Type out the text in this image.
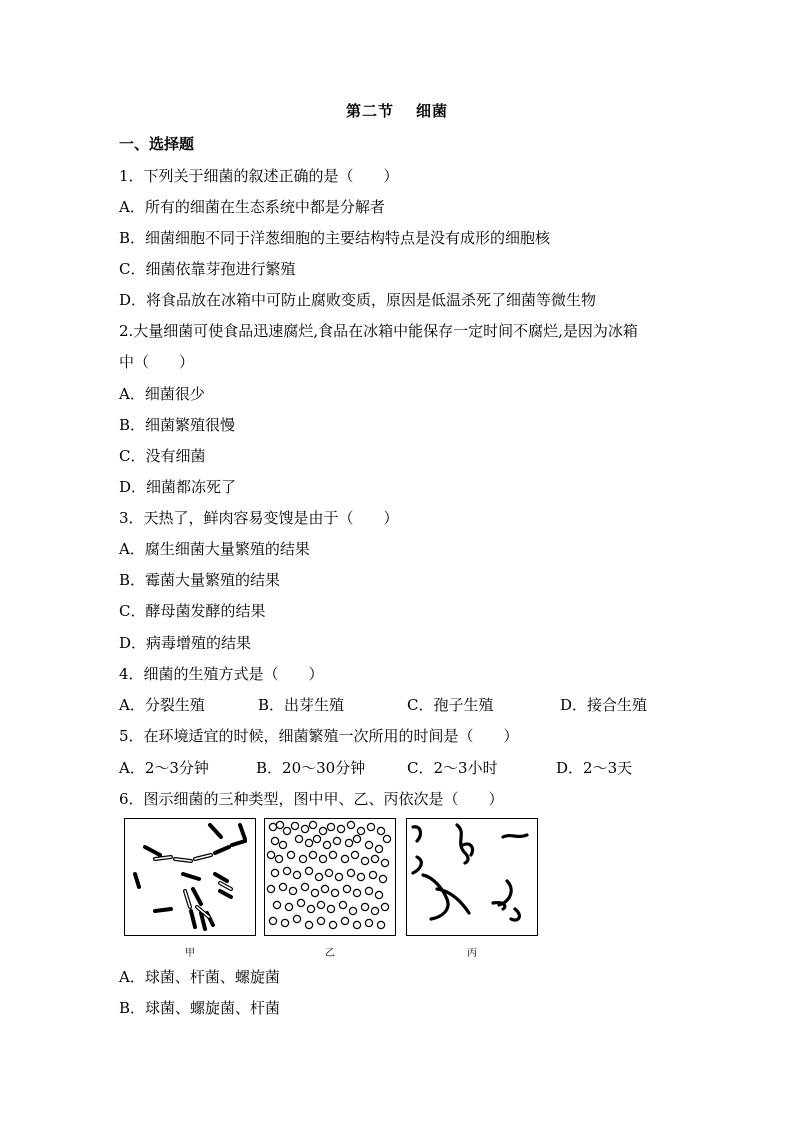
第二节 细菌
一、选择题
1．下列关于细菌的叙述正确的是（　　）
A．所有的细菌在生态系统中都是分解者
B．细菌细胞不同于洋葱细胞的主要结构特点是没有成形的细胞核
C．细菌依靠芽孢进行繁殖
D．将食品放在冰箱中可防止腐败变质，原因是低温杀死了细菌等微生物
2.大量细菌可使食品迅速腐烂,食品在冰箱中能保存一定时间不腐烂,是因为冰箱
中（　　）
A．细菌很少
B．细菌繁殖很慢
C．没有细菌
D．细菌都冻死了
3．天热了，鲜肉容易变馊是由于（　　）
A．腐生细菌大量繁殖的结果
B．霉菌大量繁殖的结果
C．酵母菌发酵的结果
D．病毒增殖的结果
4．细菌的生殖方式是（　　）
A．分裂生殖	B．出芽生殖	C．孢子生殖	D．接合生殖
5．在环境适宜的时候，细菌繁殖一次所用的时间是（　　）
A．2～3分钟	B．20～30分钟	C．2～3小时	D．2～3天
6．图示细菌的三种类型，图中甲、乙、丙依次是（　　）
甲	乙	丙
A．球菌、杆菌、螺旋菌
B．球菌、螺旋菌、杆菌
